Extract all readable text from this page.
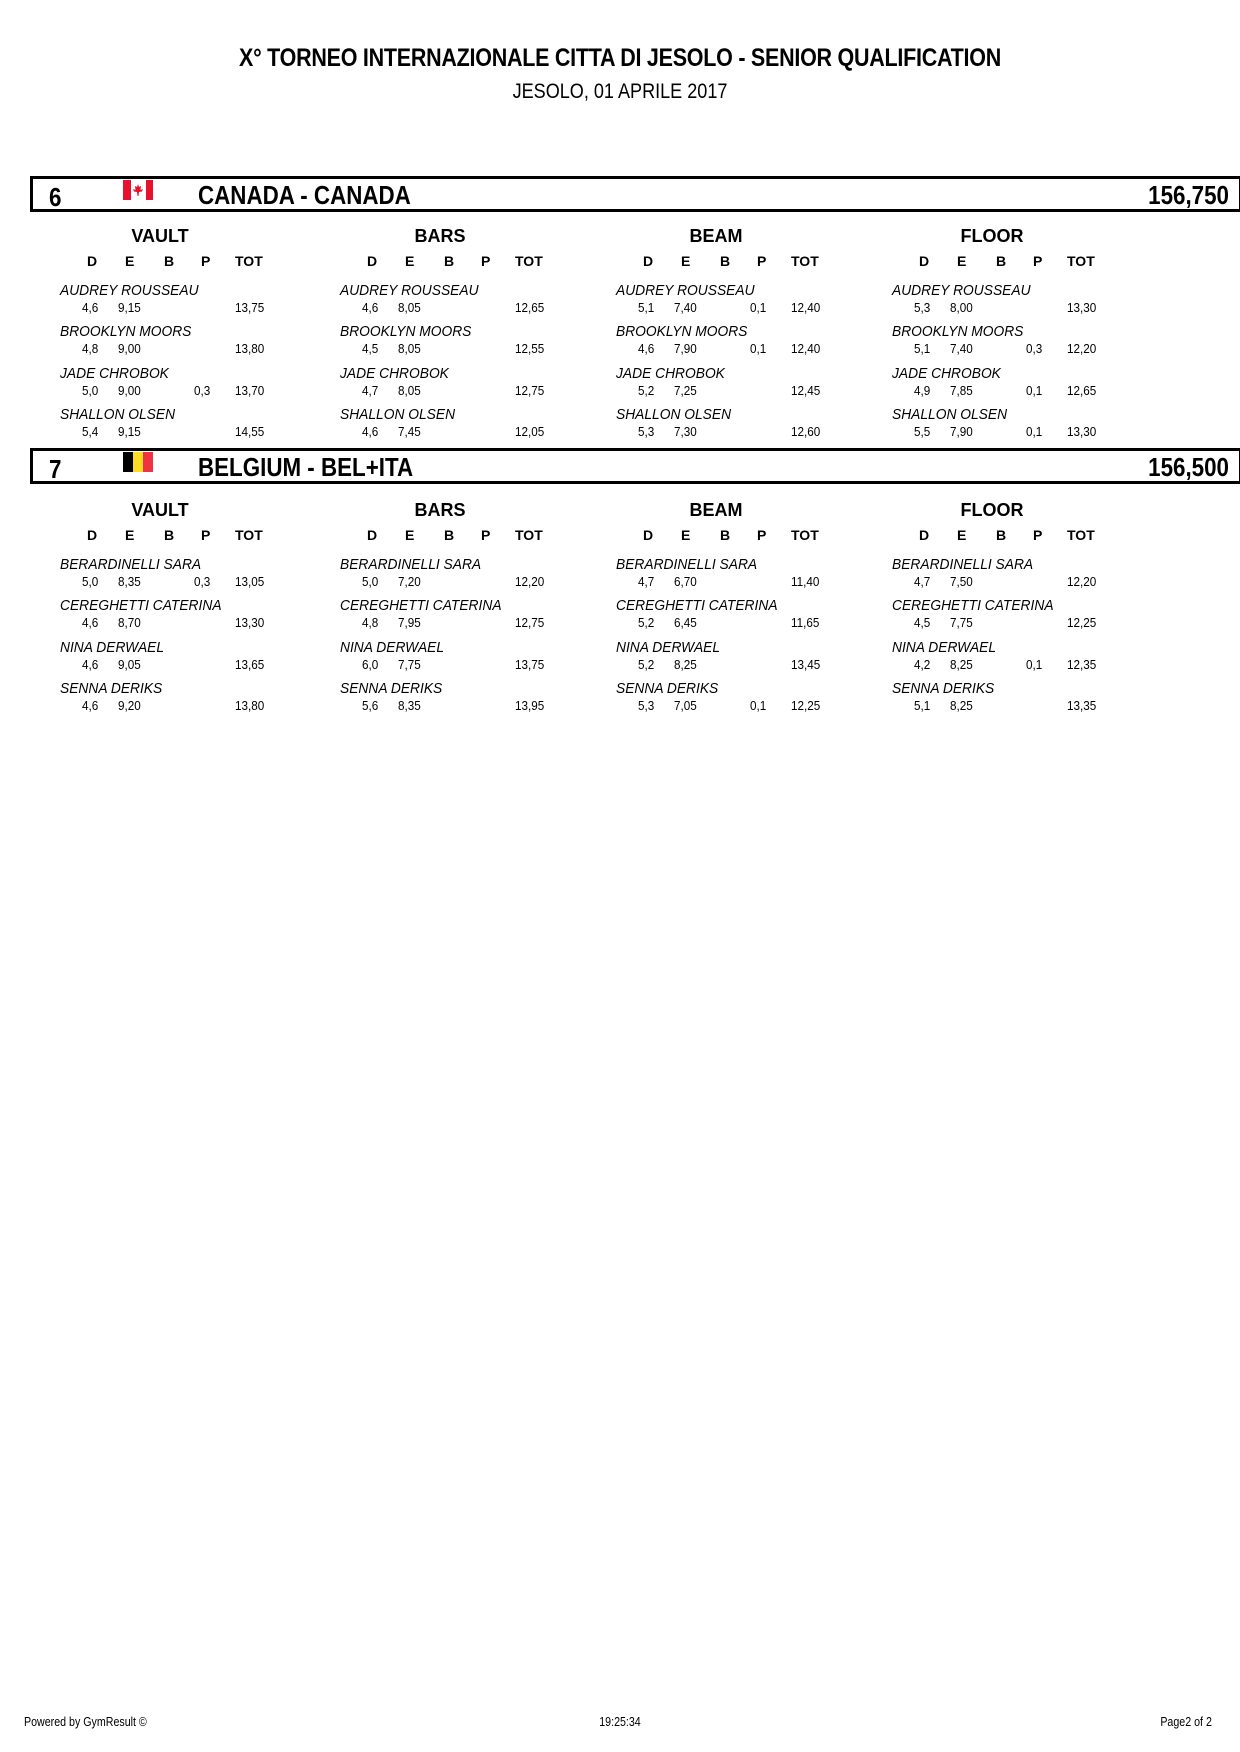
X° TORNEO INTERNAZIONALE CITTA DI JESOLO - SENIOR QUALIFICATION
JESOLO, 01 APRILE 2017
6	CANADA - CANADA	156,750
VAULT
D E B P TOT
AUDREY ROUSSEAU
4,6 9,15	13,75
BROOKLYN MOORS
4,8 9,00	13,80
JADE CHROBOK
5,0 9,00	0,3 13,70
SHALLON OLSEN
5,4 9,15	14,55
BARS
D E B P TOT
AUDREY ROUSSEAU
4,6 8,05	12,65
BROOKLYN MOORS
4,5 8,05	12,55
JADE CHROBOK
4,7 8,05	12,75
SHALLON OLSEN
4,6 7,45	12,05
BEAM
D E B P TOT
AUDREY ROUSSEAU
5,1 7,40	0,1 12,40
BROOKLYN MOORS
4,6 7,90	0,1 12,40
JADE CHROBOK
5,2 7,25	12,45
SHALLON OLSEN
5,3 7,30	12,60
FLOOR
D E B P TOT
AUDREY ROUSSEAU
5,3 8,00	13,30
BROOKLYN MOORS
5,1 7,40	0,3 12,20
JADE CHROBOK
4,9 7,85	0,1 12,65
SHALLON OLSEN
5,5 7,90	0,1 13,30
7	BELGIUM - BEL+ITA	156,500
VAULT
D E B P TOT
BERARDINELLI SARA
5,0 8,35	0,3 13,05
CEREGHETTI CATERINA
4,6 8,70	13,30
NINA DERWAEL
4,6 9,05	13,65
SENNA DERIKS
4,6 9,20	13,80
BARS
D E B P TOT
BERARDINELLI SARA
5,0 7,20	12,20
CEREGHETTI CATERINA
4,8 7,95	12,75
NINA DERWAEL
6,0 7,75	13,75
SENNA DERIKS
5,6 8,35	13,95
BEAM
D E B P TOT
BERARDINELLI SARA
4,7 6,70	11,40
CEREGHETTI CATERINA
5,2 6,45	11,65
NINA DERWAEL
5,2 8,25	13,45
SENNA DERIKS
5,3 7,05	0,1 12,25
FLOOR
D E B P TOT
BERARDINELLI SARA
4,7 7,50	12,20
CEREGHETTI CATERINA
4,5 7,75	12,25
NINA DERWAEL
4,2 8,25	0,1 12,35
SENNA DERIKS
5,1 8,25	13,35
Powered by GymResult ©	19:25:34	Page2 of 2
